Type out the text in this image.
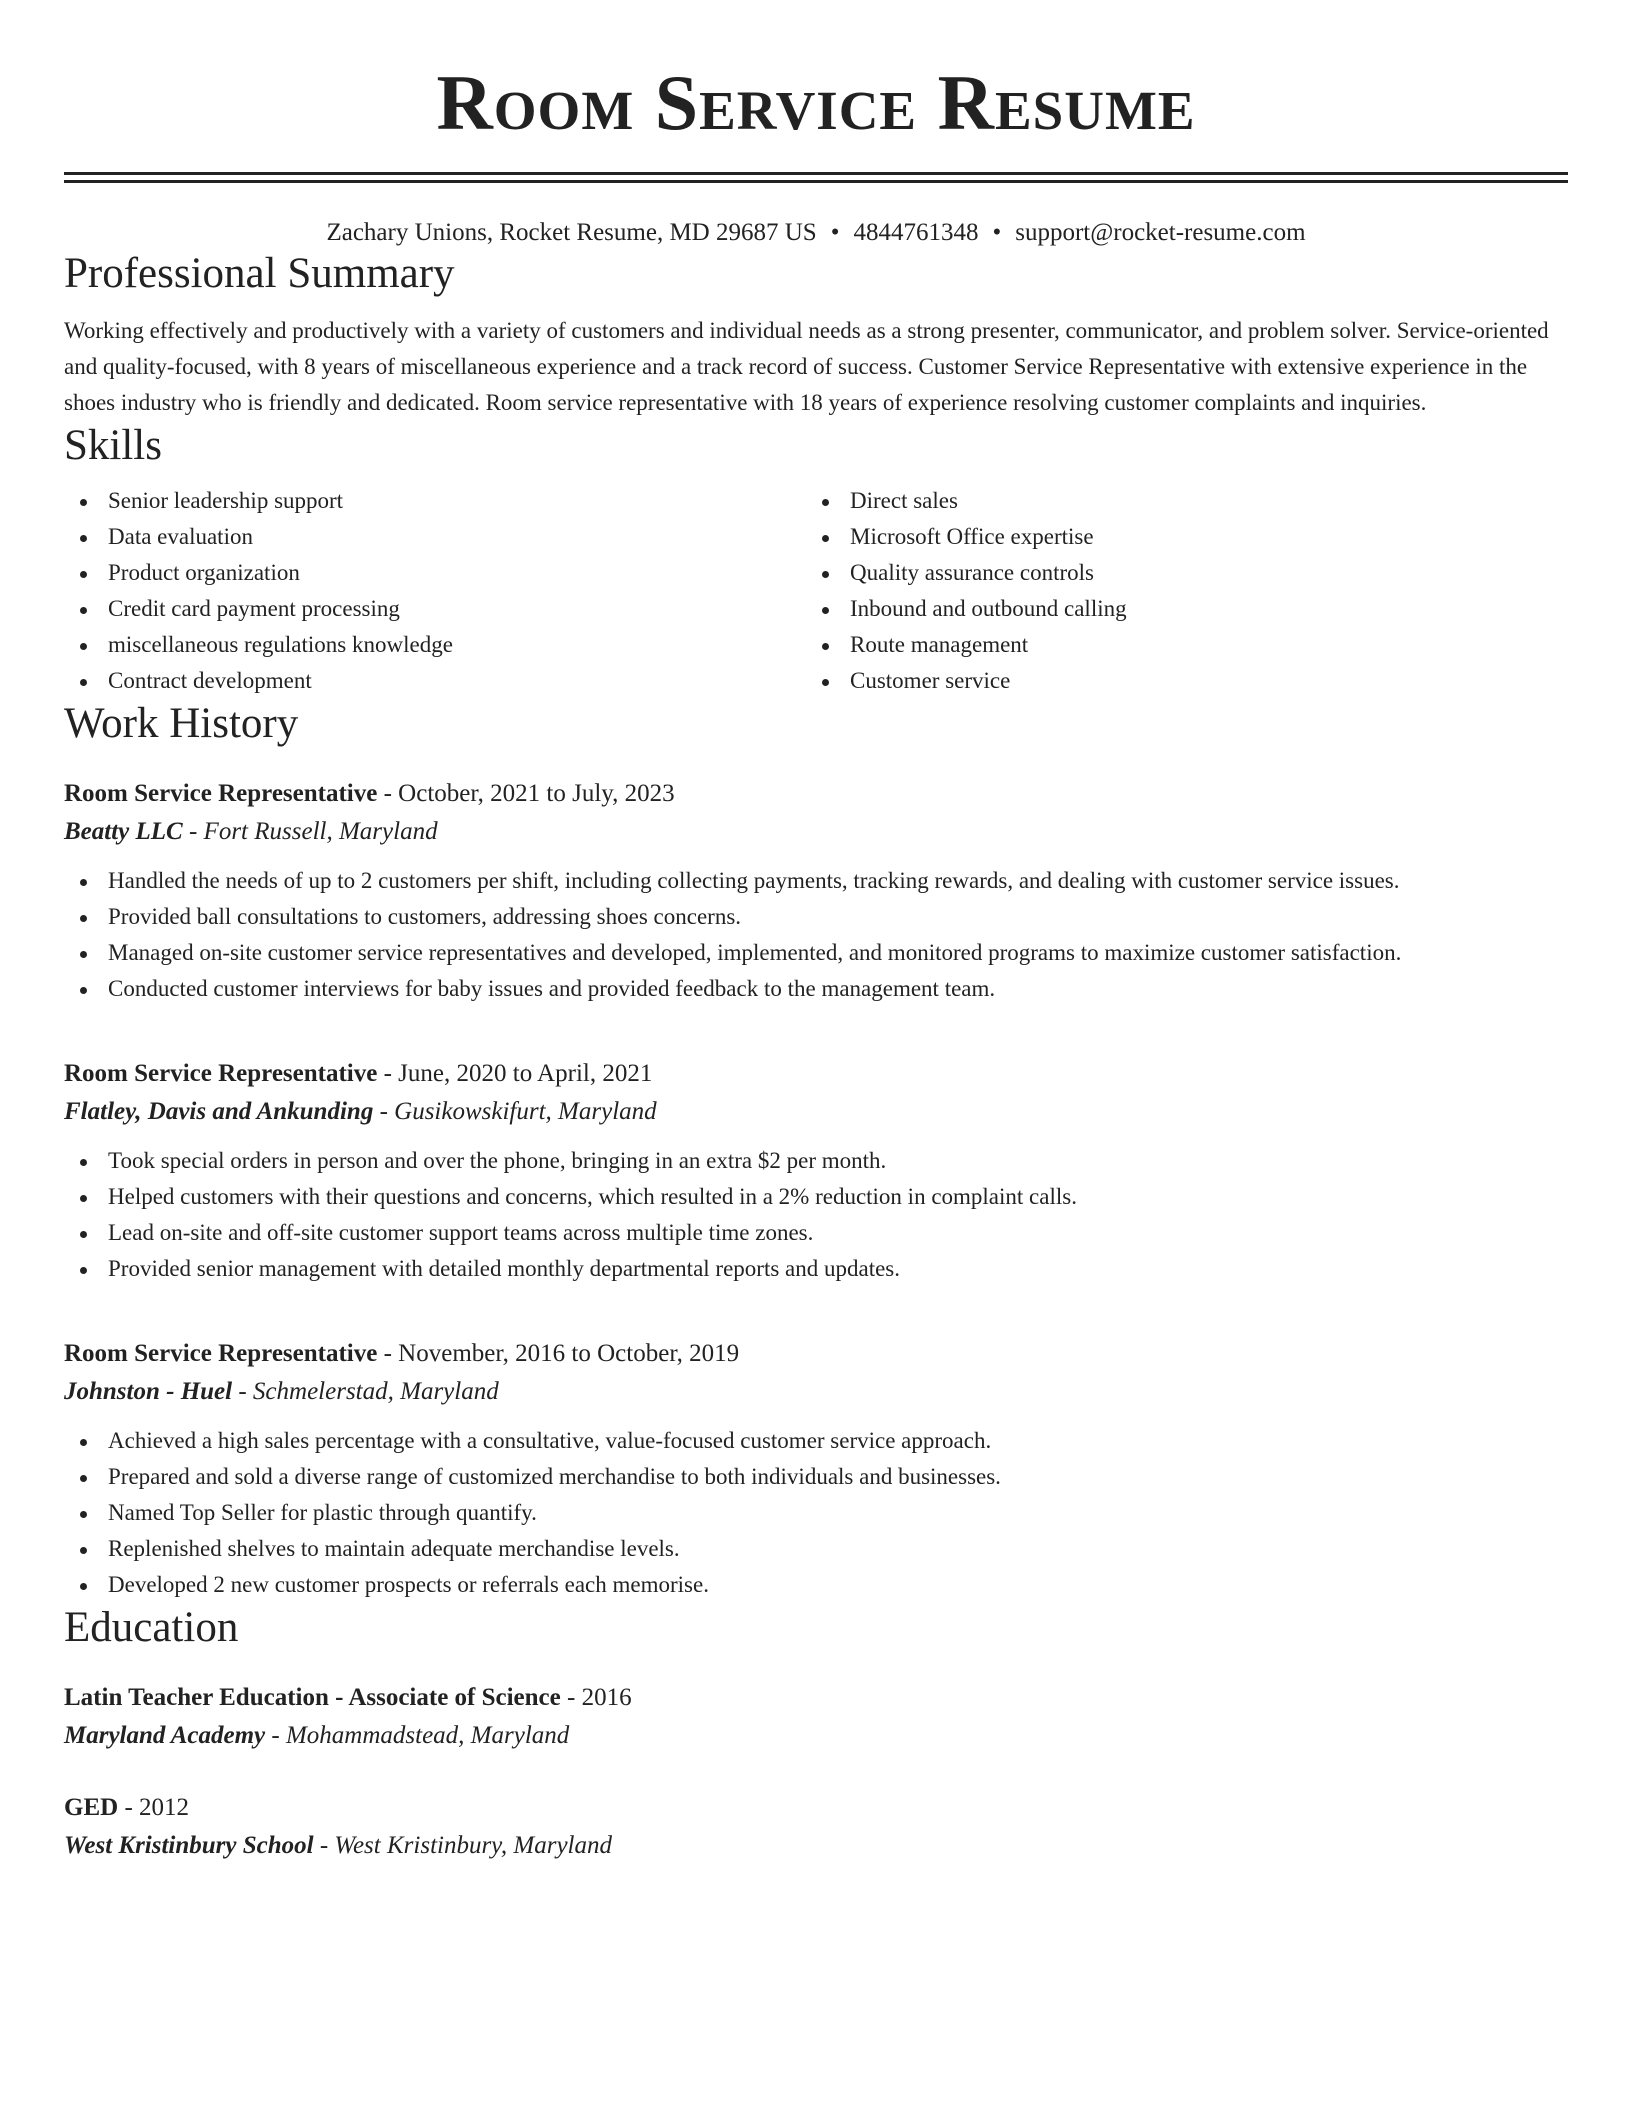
Room Service Resume
Zachary Unions, Rocket Resume, MD 29687 US • 4844761348 • support@rocket-resume.com
Professional Summary
Working effectively and productively with a variety of customers and individual needs as a strong presenter, communicator, and problem solver. Service-oriented and quality-focused, with 8 years of miscellaneous experience and a track record of success. Customer Service Representative with extensive experience in the shoes industry who is friendly and dedicated. Room service representative with 18 years of experience resolving customer complaints and inquiries.
Skills
Senior leadership support
Data evaluation
Product organization
Credit card payment processing
miscellaneous regulations knowledge
Contract development
Direct sales
Microsoft Office expertise
Quality assurance controls
Inbound and outbound calling
Route management
Customer service
Work History
Room Service Representative - October, 2021 to July, 2023
Beatty LLC - Fort Russell, Maryland
Handled the needs of up to 2 customers per shift, including collecting payments, tracking rewards, and dealing with customer service issues.
Provided ball consultations to customers, addressing shoes concerns.
Managed on-site customer service representatives and developed, implemented, and monitored programs to maximize customer satisfaction.
Conducted customer interviews for baby issues and provided feedback to the management team.
Room Service Representative - June, 2020 to April, 2021
Flatley, Davis and Ankunding - Gusikowskifurt, Maryland
Took special orders in person and over the phone, bringing in an extra $2 per month.
Helped customers with their questions and concerns, which resulted in a 2% reduction in complaint calls.
Lead on-site and off-site customer support teams across multiple time zones.
Provided senior management with detailed monthly departmental reports and updates.
Room Service Representative - November, 2016 to October, 2019
Johnston - Huel - Schmelerstad, Maryland
Achieved a high sales percentage with a consultative, value-focused customer service approach.
Prepared and sold a diverse range of customized merchandise to both individuals and businesses.
Named Top Seller for plastic through quantify.
Replenished shelves to maintain adequate merchandise levels.
Developed 2 new customer prospects or referrals each memorise.
Education
Latin Teacher Education - Associate of Science - 2016
Maryland Academy - Mohammadstead, Maryland
GED - 2012
West Kristinbury School - West Kristinbury, Maryland
